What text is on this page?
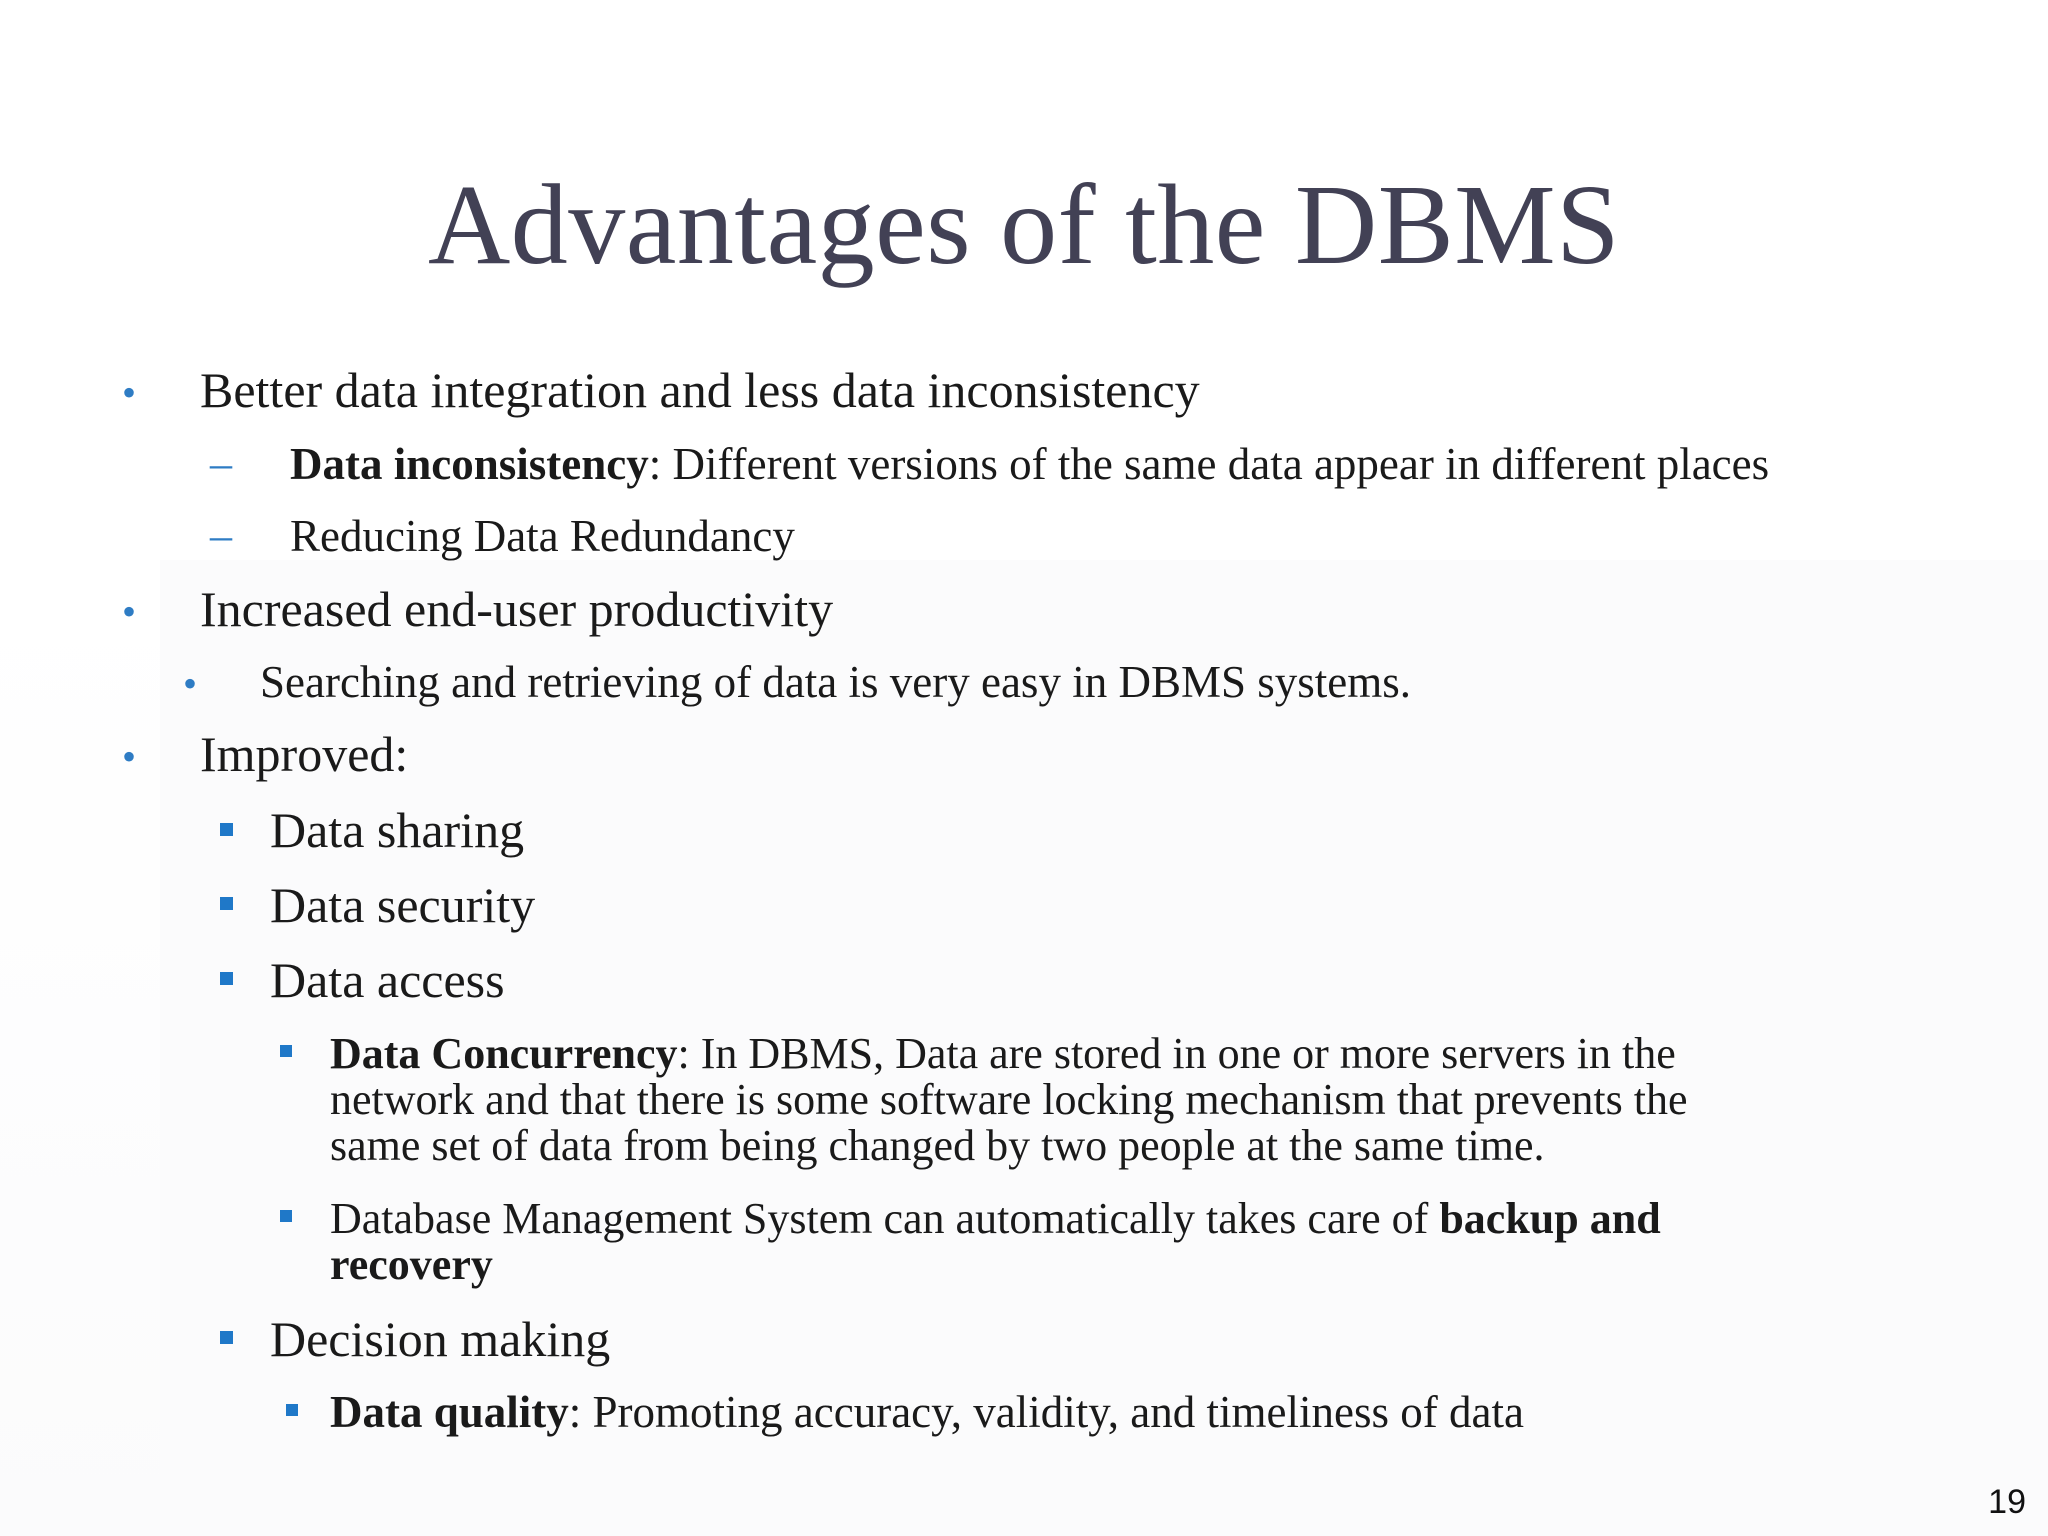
Advantages of the DBMS
• Better data integration and less data inconsistency
– Data inconsistency: Different versions of the same data appear in different places
– Reducing Data Redundancy
• Increased end-user productivity
• Searching and retrieving of data is very easy in DBMS systems.
• Improved:
Data sharing
Data security
Data access
Data Concurrency: In DBMS, Data are stored in one or more servers in the
network and that there is some software locking mechanism that prevents the
same set of data from being changed by two people at the same time.
Database Management System can automatically takes care of backup and
recovery
Decision making
Data quality: Promoting accuracy, validity, and timeliness of data
19
